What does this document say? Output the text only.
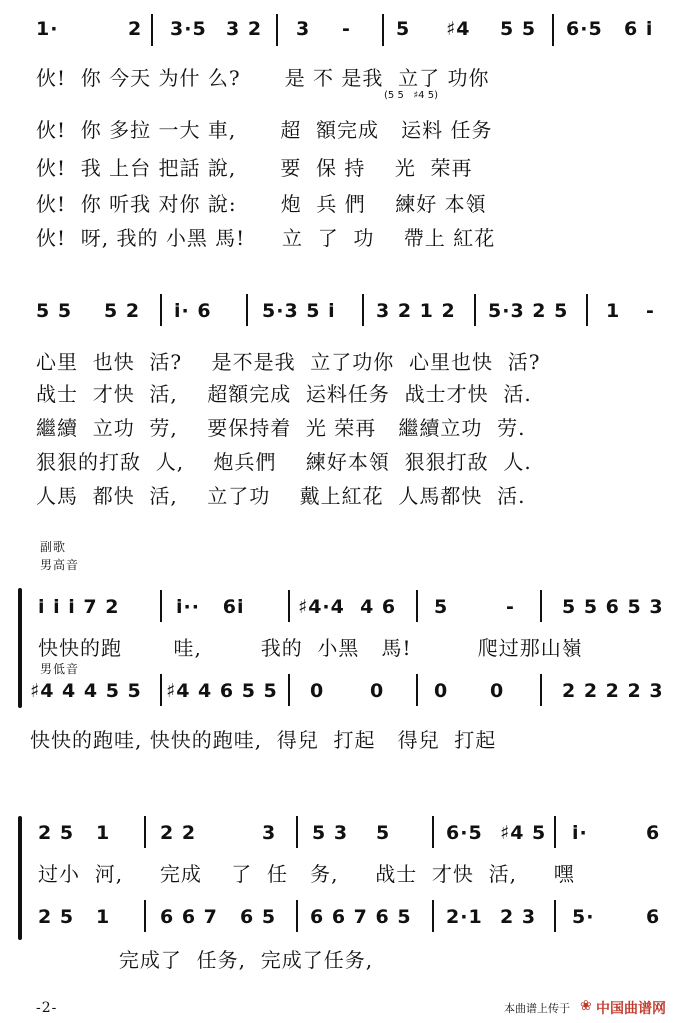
1·	2 3·5 3 2 3 - 5 ♯4 5 5 6·5 6 i
伙!  你 今天 为什 么?      是 不 是我  立了 功你
(5 5   ♯4 5)
伙!  你 多拉 一大 車,      超  額完成   运料 任务
伙!  我 上台 把話 說,      要  保 持    光  荣再
伙!  你 听我 对你 說:      炮  兵 們    練好 本領
伙!  呀, 我的 小黑 馬!     立  了  功    帶上 紅花
5 5 5 2 i· 6	5·3 5 i 3 2 1 2 5·3 2 5 1 -
心里  也快  活?    是不是我  立了功你  心里也快  活?
战士  才快  活,    超額完成  运料任务  战士才快  活.
繼續  立功  劳,    要保持着  光 荣再   繼續立功  劳.
狠狠的打敌  人,    炮兵們    練好本領  狠狠打敌  人.
人馬  都快  活,    立了功    戴上紅花  人馬都快  活.
副歌
男高音
i i i 7 2	i··   6i	♯4·4  4 6 5	- 5 5 6 5 3
快快的跑       哇,        我的  小黑   馬!         爬过那山嶺
男低音
♯4 4 4 5 5 ♯4 4 6 5 5 0 0	0 0	2 2 2 2 3
快快的跑哇, 快快的跑哇,  得兒  打起   得兒  打起
2 5 1	2 2	3 5 3 5	6·5 ♯4 5 i·	6
过小  河,     完成    了  任   务,     战士  才快  活,     嘿
2 5 1	6 6 7 6 5 6 6 7 6 5 2·1 2 3 5·	6
完成了  任务,  完成了任务,
-2-	本曲谱上传于 ❀ 中国曲谱网
